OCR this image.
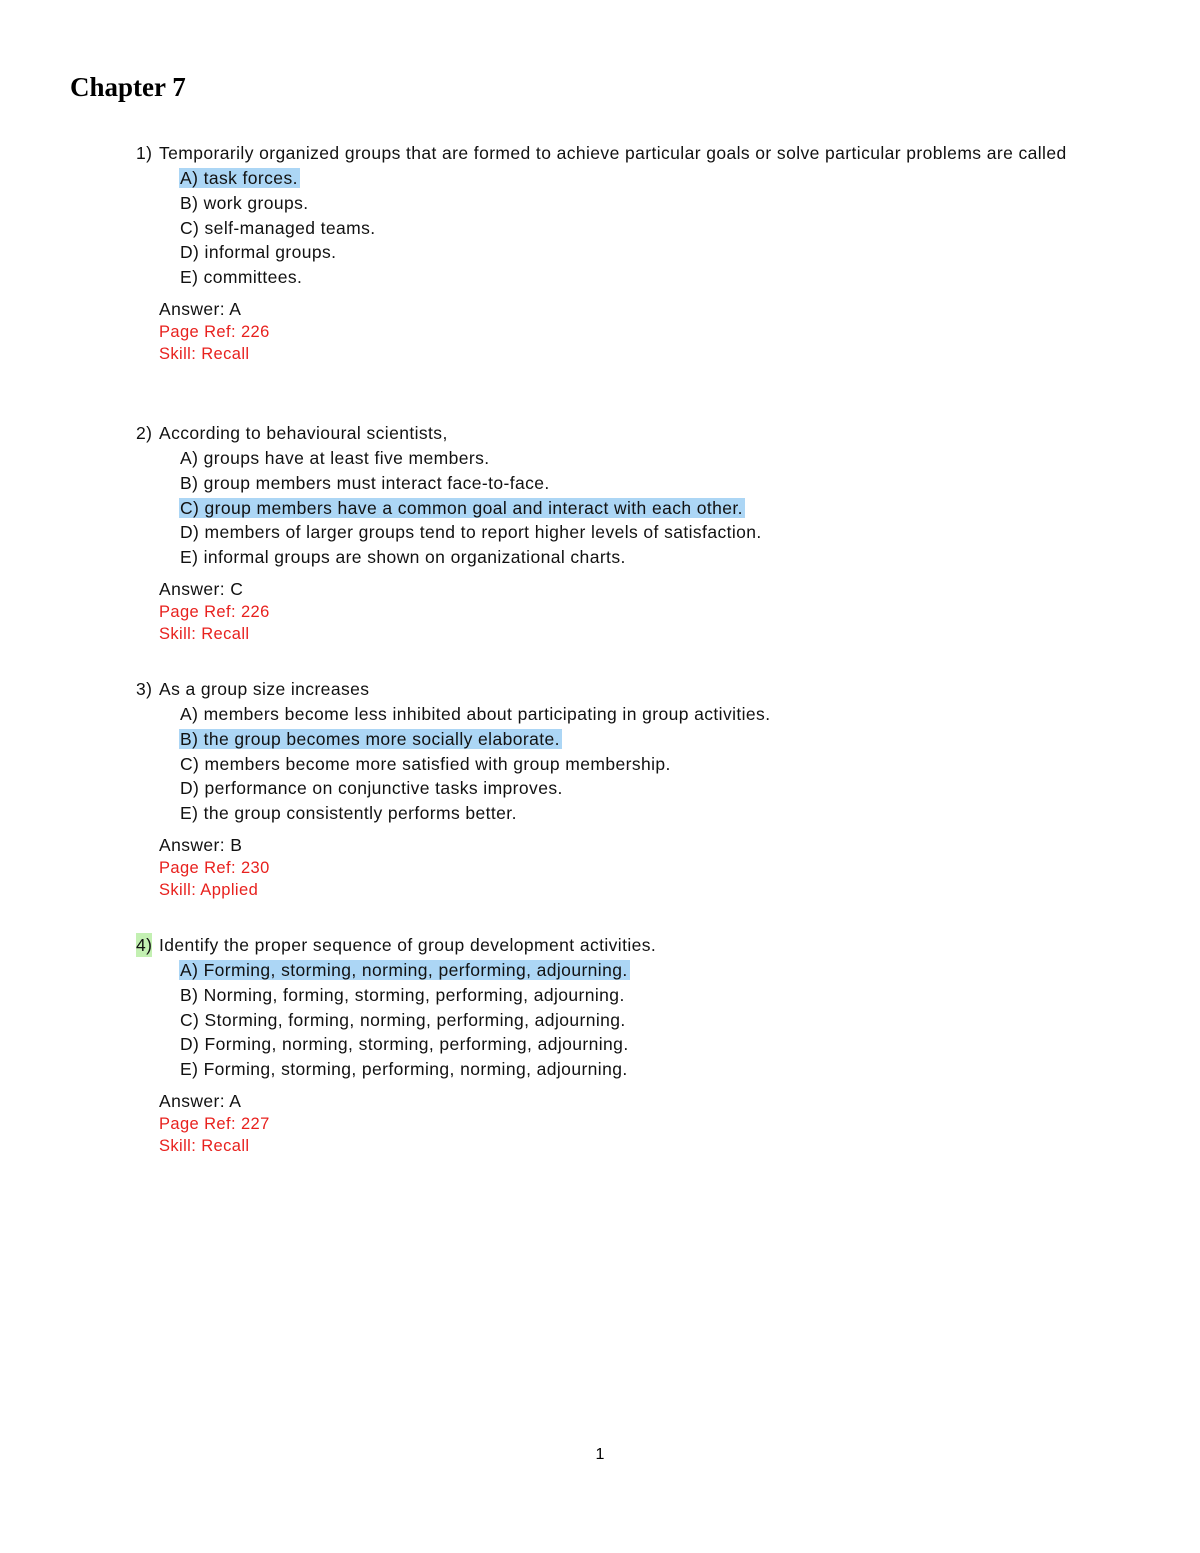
Chapter 7
1) Temporarily organized groups that are formed to achieve particular goals or solve particular problems are called
A) task forces.
B) work groups.
C) self-managed teams.
D) informal groups.
E) committees.
Answer: A
Page Ref: 226
Skill: Recall
2) According to behavioural scientists,
A) groups have at least five members.
B) group members must interact face-to-face.
C) group members have a common goal and interact with each other.
D) members of larger groups tend to report higher levels of satisfaction.
E) informal groups are shown on organizational charts.
Answer: C
Page Ref: 226
Skill: Recall
3) As a group size increases
A) members become less inhibited about participating in group activities.
B) the group becomes more socially elaborate.
C) members become more satisfied with group membership.
D) performance on conjunctive tasks improves.
E) the group consistently performs better.
Answer: B
Page Ref: 230
Skill: Applied
4) Identify the proper sequence of group development activities.
A) Forming, storming, norming, performing, adjourning.
B) Norming, forming, storming, performing, adjourning.
C) Storming, forming, norming, performing, adjourning.
D) Forming, norming, storming, performing, adjourning.
E) Forming, storming, performing, norming, adjourning.
Answer: A
Page Ref: 227
Skill: Recall
1
